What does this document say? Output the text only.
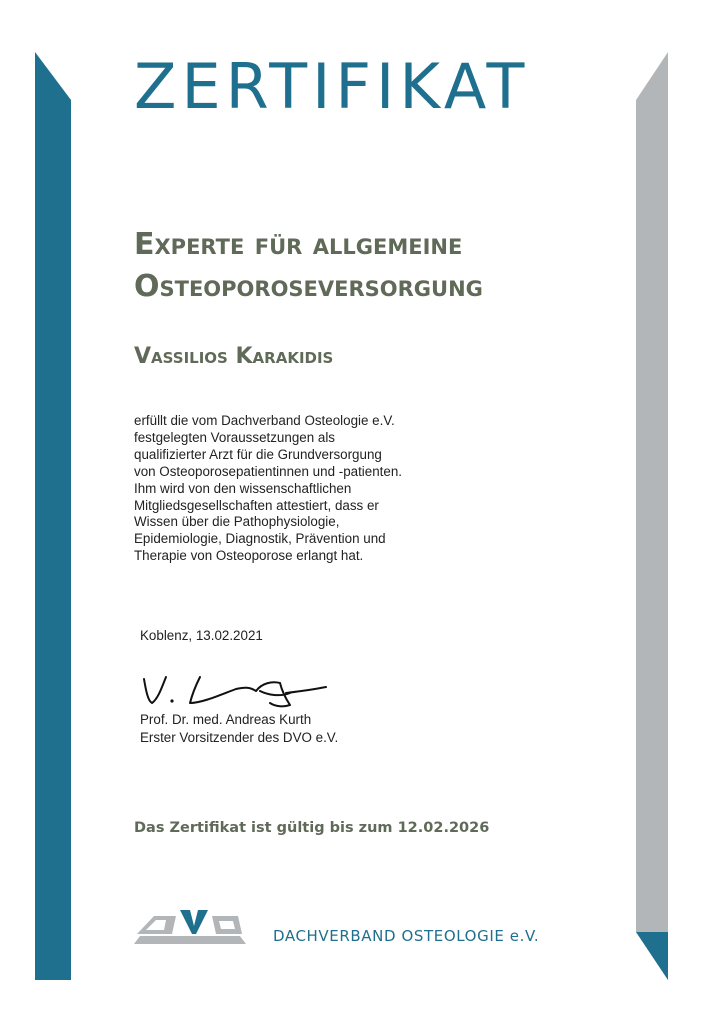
ZERTIFIKAT
Experte für allgemeine
Osteoporoseversorgung
Vassilios Karakidis

erfüllt die vom Dachverband Osteologie e.V.
festgelegten Voraussetzungen als
qualifizierter Arzt für die Grundversorgung
von Osteoporosepatientinnen und -patienten.
Ihm wird von den wissenschaftlichen
Mitgliedsgesellschaften attestiert, dass er
Wissen über die Pathophysiologie,
Epidemiologie, Diagnostik, Prävention und
Therapie von Osteoporose erlangt hat.

Koblenz, 13.02.2021
Prof. Dr. med. Andreas Kurth
Erster Vorsitzender des DVO e.V.
Das Zertifikat ist gültig bis zum 12.02.2026
DACHVERBAND OSTEOLOGIE e.V.
